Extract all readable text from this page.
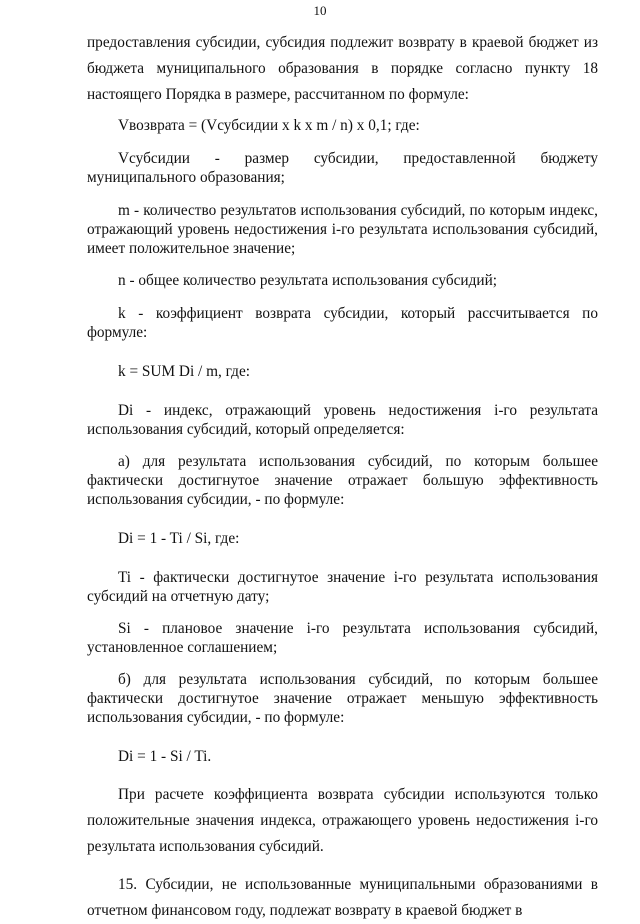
10

предоставления субсидии, субсидия подлежит возврату в краевой бюджет из бюджета муниципального образования в порядке согласно пункту 18 настоящего Порядка в размере, рассчитанном по формуле:

Vвозврата = (Vсубсидии x k x m / n) x 0,1; где:

Vсубсидии - размер субсидии, предоставленной бюджету муниципального образования;

m - количество результатов использования субсидий, по которым индекс, отражающий уровень недостижения i-го результата использования субсидий, имеет положительное значение;

n - общее количество результата использования субсидий;

k - коэффициент возврата субсидии, который рассчитывается по формуле:

k = SUM Di / m, где:

Di - индекс, отражающий уровень недостижения i-го результата использования субсидий, который определяется:

а) для результата использования субсидий, по которым большее фактически достигнутое значение отражает большую эффективность использования субсидии, - по формуле:

Di = 1 - Ti / Si, где:

Ti - фактически достигнутое значение i-го результата использования субсидий на отчетную дату;

Si - плановое значение i-го результата использования субсидий, установленное соглашением;

б) для результата использования субсидий, по которым большее фактически достигнутое значение отражает меньшую эффективность использования субсидии, - по формуле:

Di = 1 - Si / Ti.

При расчете коэффициента возврата субсидии используются только положительные значения индекса, отражающего уровень недостижения i-го результата использования субсидий.

15. Субсидии, не использованные муниципальными образованиями в отчетном финансовом году, подлежат возврату в краевой бюджет в
